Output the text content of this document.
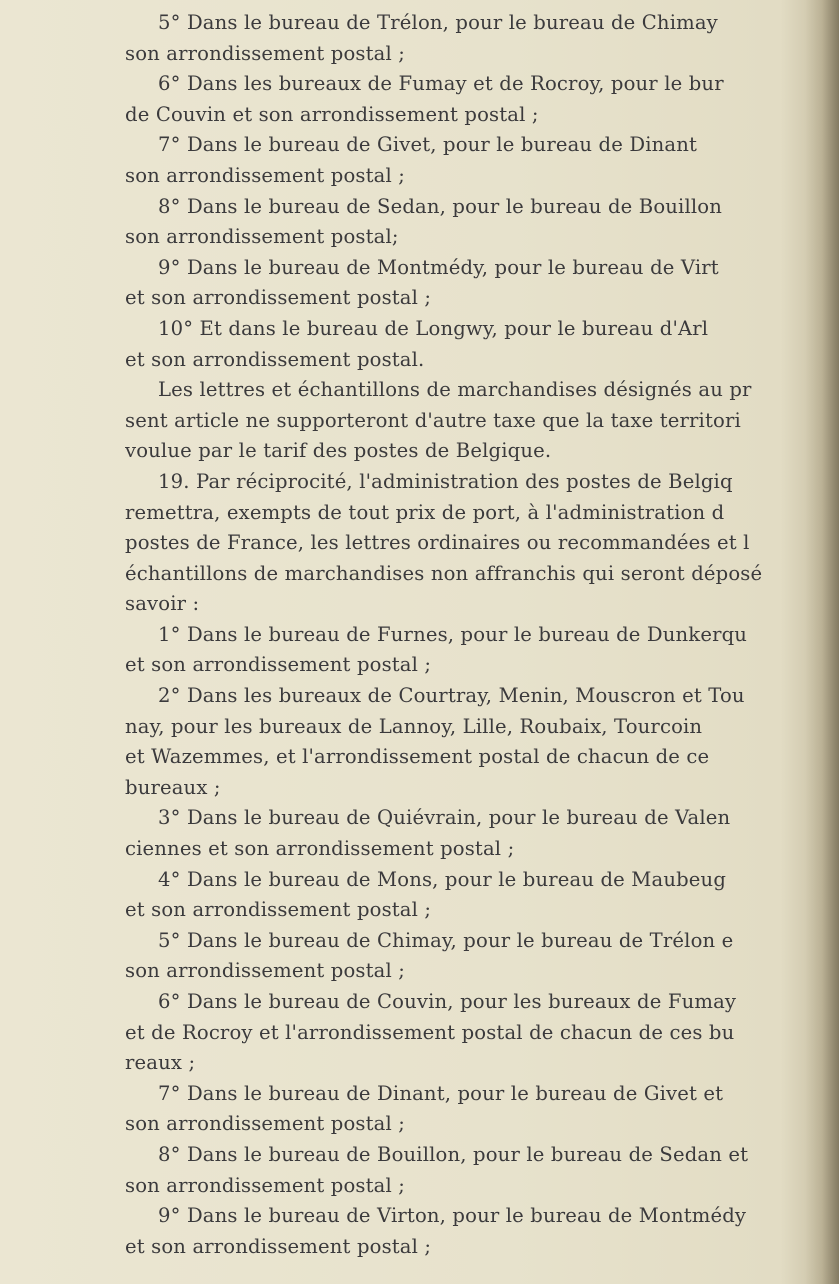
5° Dans le bureau de Trélon, pour le bureau de Chimay
son arrondissement postal ;

6° Dans les bureaux de Fumay et de Rocroy, pour le bur
de Couvin et son arrondissement postal ;

7° Dans le bureau de Givet, pour le bureau de Dinant
son arrondissement postal ;

8° Dans le bureau de Sedan, pour le bureau de Bouillon
son arrondissement postal;

9° Dans le bureau de Montmédy, pour le bureau de Virt
et son arrondissement postal ;

10° Et dans le bureau de Longwy, pour le bureau d'Arl
et son arrondissement postal.

Les lettres et échantillons de marchandises désignés au pr
sent article ne supporteront d'autre taxe que la taxe territori
voulue par le tarif des postes de Belgique.

19. Par réciprocité, l'administration des postes de Belgiq
remettra, exempts de tout prix de port, à l'administration d
postes de France, les lettres ordinaires ou recommandées et l
échantillons de marchandises non affranchis qui seront déposé
savoir :

1° Dans le bureau de Furnes, pour le bureau de Dunkerqu
et son arrondissement postal ;

2° Dans les bureaux de Courtray, Menin, Mouscron et Tou
nay, pour les bureaux de Lannoy, Lille, Roubaix, Tourcoin
et Wazemmes, et l'arrondissement postal de chacun de ce
bureaux ;

3° Dans le bureau de Quiévrain, pour le bureau de Valen
ciennes et son arrondissement postal ;

4° Dans le bureau de Mons, pour le bureau de Maubeug
et son arrondissement postal ;

5° Dans le bureau de Chimay, pour le bureau de Trélon e
son arrondissement postal ;

6° Dans le bureau de Couvin, pour les bureaux de Fumay
et de Rocroy et l'arrondissement postal de chacun de ces bu
reaux ;

7° Dans le bureau de Dinant, pour le bureau de Givet et
son arrondissement postal ;

8° Dans le bureau de Bouillon, pour le bureau de Sedan et
son arrondissement postal ;

9° Dans le bureau de Virton, pour le bureau de Montmédy
et son arrondissement postal ;
